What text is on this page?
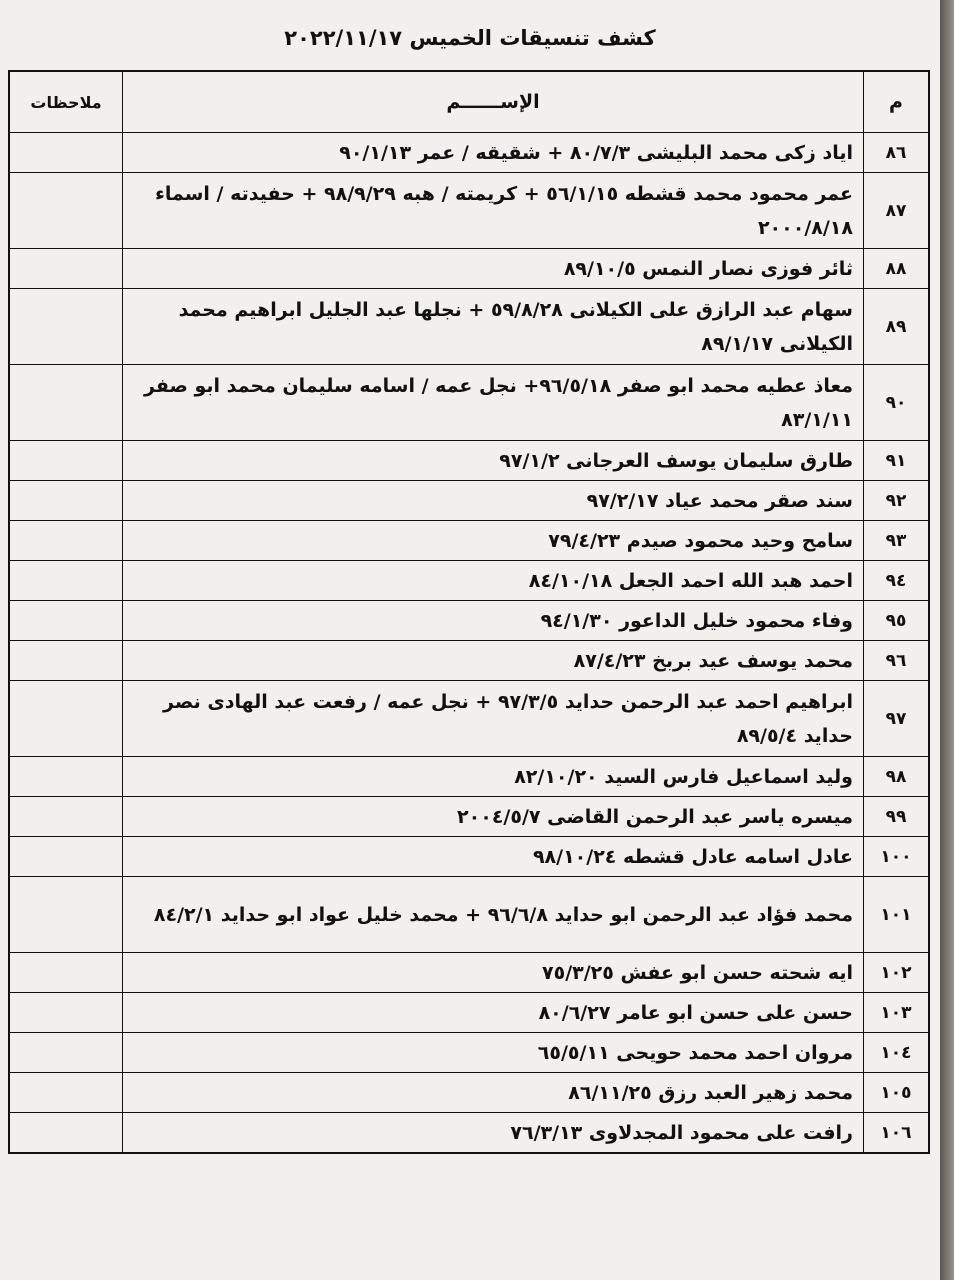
كشف تنسيقات الخميس ٢٠٢٢/١١/١٧
م	الإســــــم	ملاحظات
٨٦	اياد زكى محمد البليشى ٨٠/٧/٣ + شقيقه / عمر ٩٠/١/١٣	
٨٧	عمر محمود محمد قشطه ٥٦/١/١٥ + كريمته / هبه ٩٨/٩/٢٩ + حفيدته / اسماء ٢٠٠٠/٨/١٨	
٨٨	ثائر فوزى نصار النمس ٨٩/١٠/٥	
٨٩	سهام عبد الرازق على الكيلانى ٥٩/٨/٢٨ + نجلها عبد الجليل ابراهيم محمد الكيلانى ٨٩/١/١٧	
٩٠	معاذ عطيه محمد ابو صفر ٩٦/٥/١٨+ نجل عمه / اسامه سليمان محمد ابو صفر ٨٣/١/١١	
٩١	طارق سليمان يوسف العرجانى ٩٧/١/٢	
٩٢	سند صقر محمد عياد ٩٧/٢/١٧	
٩٣	سامح وحيد محمود صيدم ٧٩/٤/٢٣	
٩٤	احمد هبد الله احمد الجعل ٨٤/١٠/١٨	
٩٥	وفاء محمود خليل الداعور ٩٤/١/٣٠	
٩٦	محمد يوسف عيد بربخ ٨٧/٤/٢٣	
٩٧	ابراهيم احمد عبد الرحمن حدايد ٩٧/٣/٥ + نجل عمه / رفعت عبد الهادى نصر حدايد ٨٩/٥/٤	
٩٨	وليد اسماعيل فارس السيد ٨٢/١٠/٢٠	
٩٩	ميسره ياسر عبد الرحمن القاضى ٢٠٠٤/٥/٧	
١٠٠	عادل اسامه عادل قشطه ٩٨/١٠/٢٤	
١٠١	محمد فؤاد عبد الرحمن ابو حدايد ٩٦/٦/٨ + محمد خليل عواد ابو حدايد ٨٤/٢/١	
١٠٢	ايه شحته حسن ابو عفش ٧٥/٣/٢٥	
١٠٣	حسن على حسن ابو عامر ٨٠/٦/٢٧	
١٠٤	مروان احمد محمد حويحى ٦٥/٥/١١	
١٠٥	محمد زهير العبد رزق ٨٦/١١/٢٥	
١٠٦	رافت على محمود المجدلاوى ٧٦/٣/١٣	
